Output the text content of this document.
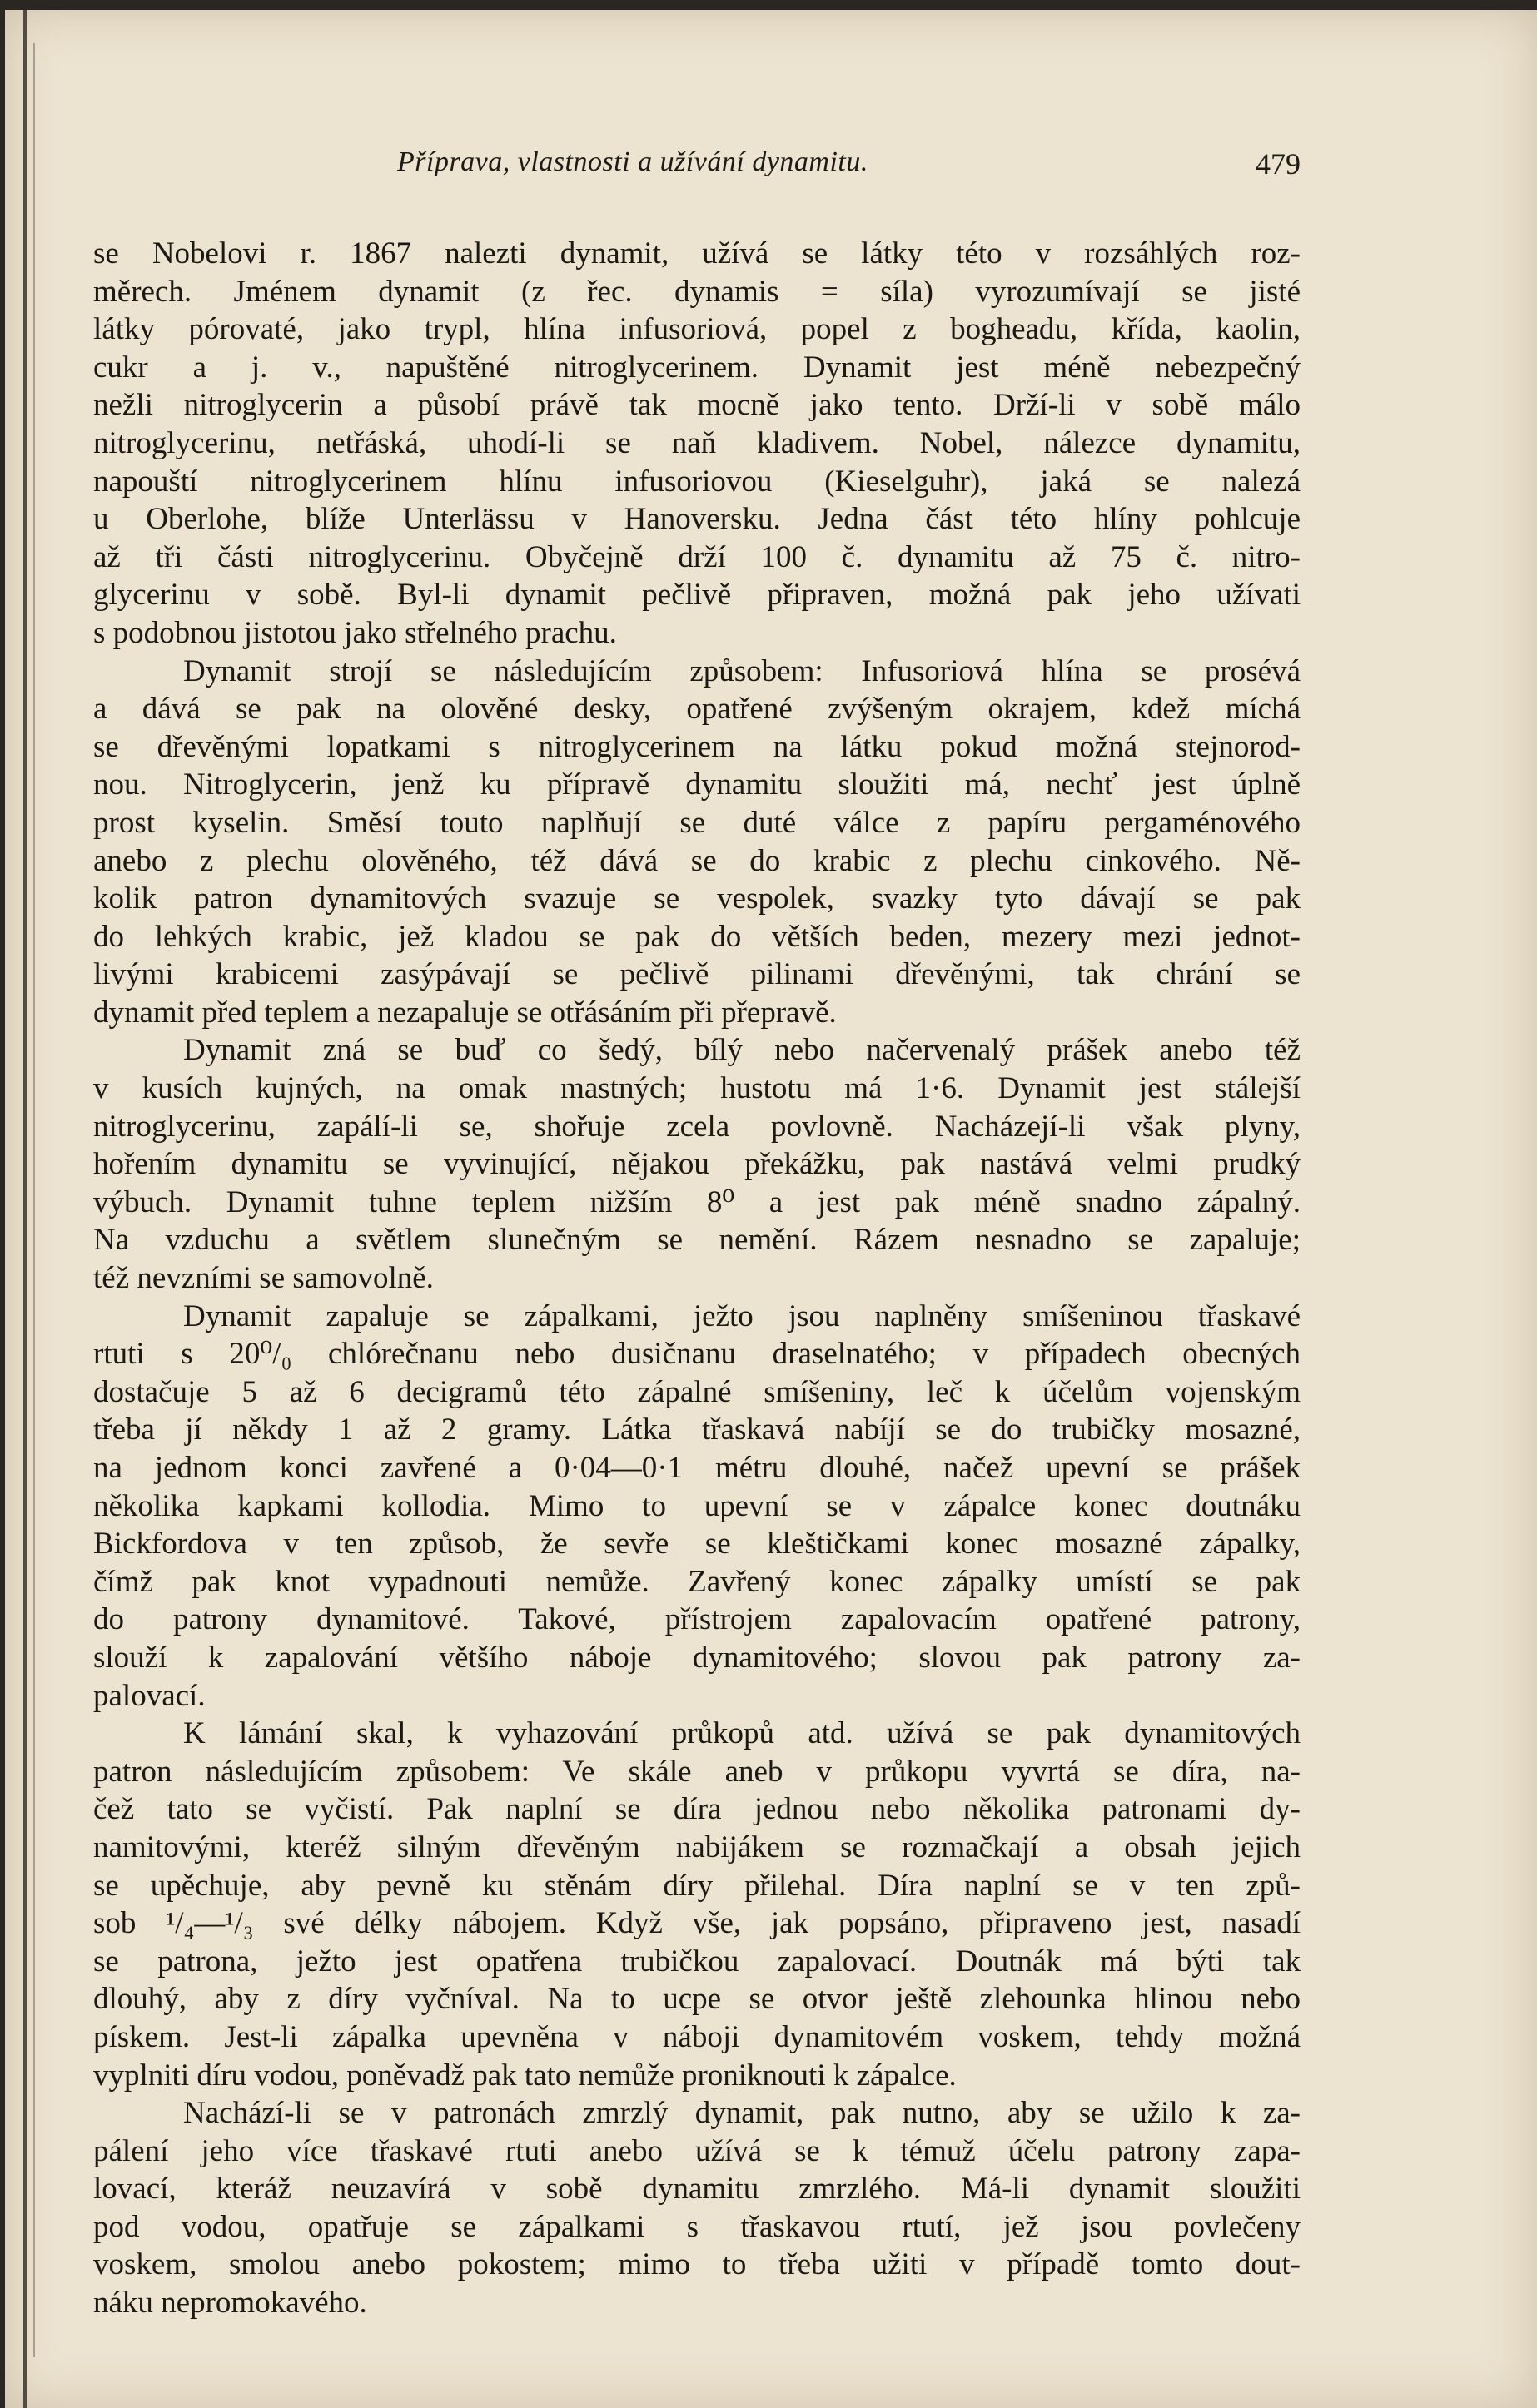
Příprava, vlastnosti a užívání dynamitu.	479

se Nobelovi r. 1867 nalezti dynamit, užívá se látky této v rozsáhlých roz-
měrech. Jménem dynamit (z řec. dynamis = síla) vyrozumívají se jisté
látky pórovaté, jako trypl, hlína infusoriová, popel z bogheadu, křída, kaolin,
cukr a j. v., napuštěné nitroglycerinem. Dynamit jest méně nebezpečný
nežli nitroglycerin a působí právě tak mocně jako tento. Drží-li v sobě málo
nitroglycerinu, netřáská, uhodí-li se naň kladivem. Nobel, nálezce dynamitu,
napouští nitroglycerinem hlínu infusoriovou (Kieselguhr), jaká se nalezá
u Oberlohe, blíže Unterlässu v Hanoversku. Jedna část této hlíny pohlcuje
až tři části nitroglycerinu. Obyčejně drží 100 č. dynamitu až 75 č. nitro-
glycerinu v sobě. Byl-li dynamit pečlivě připraven, možná pak jeho užívati
s podobnou jistotou jako střelného prachu.

Dynamit strojí se následujícím způsobem: Infusoriová hlína se prosévá
a dává se pak na olověné desky, opatřené zvýšeným okrajem, kdež míchá
se dřevěnými lopatkami s nitroglycerinem na látku pokud možná stejnorod-
nou. Nitroglycerin, jenž ku přípravě dynamitu sloužiti má, nechť jest úplně
prost kyselin. Směsí touto naplňují se duté válce z papíru pergaménového
anebo z plechu olověného, též dává se do krabic z plechu cinkového. Ně-
kolik patron dynamitových svazuje se vespolek, svazky tyto dávají se pak
do lehkých krabic, jež kladou se pak do větších beden, mezery mezi jednot-
livými krabicemi zasýpávají se pečlivě pilinami dřevěnými, tak chrání se
dynamit před teplem a nezapaluje se otřásáním při přepravě.

Dynamit zná se buď co šedý, bílý nebo načervenalý prášek anebo též
v kusích kujných, na omak mastných; hustotu má 1·6. Dynamit jest stálejší
nitroglycerinu, zapálí-li se, shořuje zcela povlovně. Nacházejí-li však plyny,
hořením dynamitu se vyvinující, nějakou překážku, pak nastává velmi prudký
výbuch. Dynamit tuhne teplem nižším 8⁰ a jest pak méně snadno zápalný.
Na vzduchu a světlem slunečným se nemění. Rázem nesnadno se zapaluje;
též nevzními se samovolně.

Dynamit zapaluje se zápalkami, ježto jsou naplněny smíšeninou třaskavé
rtuti s 20⁰/₀ chlórečnanu nebo dusičnanu draselnatého; v případech obecných
dostačuje 5 až 6 decigramů této zápalné smíšeniny, leč k účelům vojenským
třeba jí někdy 1 až 2 gramy. Látka třaskavá nabíjí se do trubičky mosazné,
na jednom konci zavřené a 0·04—0·1 métru dlouhé, načež upevní se prášek
několika kapkami kollodia. Mimo to upevní se v zápalce konec doutnáku
Bickfordova v ten způsob, že sevře se kleštičkami konec mosazné zápalky,
čímž pak knot vypadnouti nemůže. Zavřený konec zápalky umístí se pak
do patrony dynamitové. Takové, přístrojem zapalovacím opatřené patrony,
slouží k zapalování většího náboje dynamitového; slovou pak patrony za-
palovací.

K lámání skal, k vyhazování průkopů atd. užívá se pak dynamitových
patron následujícím způsobem: Ve skále aneb v průkopu vyvrtá se díra, na-
čež tato se vyčistí. Pak naplní se díra jednou nebo několika patronami dy-
namitovými, kteréž silným dřevěným nabijákem se rozmačkají a obsah jejich
se upěchuje, aby pevně ku stěnám díry přilehal. Díra naplní se v ten způ-
sob ¹/₄—¹/₃ své délky nábojem. Když vše, jak popsáno, připraveno jest, nasadí
se patrona, ježto jest opatřena trubičkou zapalovací. Doutnák má býti tak
dlouhý, aby z díry vyčníval. Na to ucpe se otvor ještě zlehounka hlinou nebo
pískem. Jest-li zápalka upevněna v náboji dynamitovém voskem, tehdy možná
vyplniti díru vodou, poněvadž pak tato nemůže proniknouti k zápalce.

Nachází-li se v patronách zmrzlý dynamit, pak nutno, aby se užilo k za-
pálení jeho více třaskavé rtuti anebo užívá se k témuž účelu patrony zapa-
lovací, kteráž neuzavírá v sobě dynamitu zmrzlého. Má-li dynamit sloužiti
pod vodou, opatřuje se zápalkami s třaskavou rtutí, jež jsou povlečeny
voskem, smolou anebo pokostem; mimo to třeba užiti v případě tomto dout-
náku nepromokavého.
